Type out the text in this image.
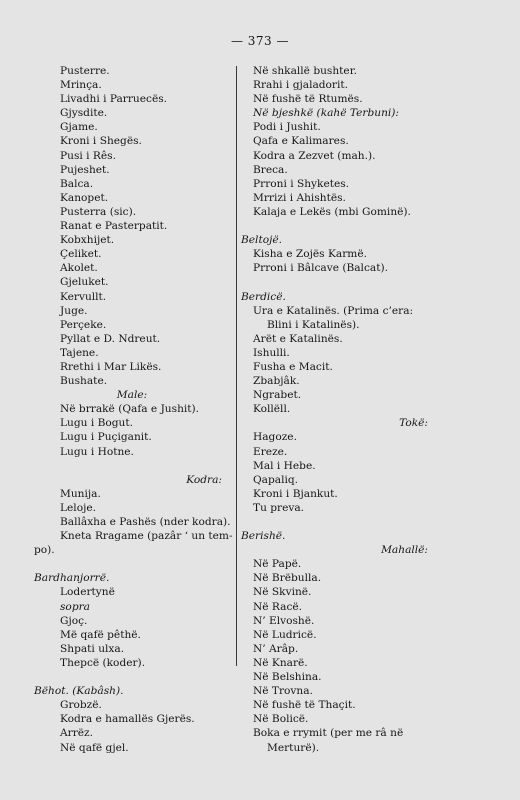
— 373 —
Pusterre.
Mrinça.
Livadhi i Parruecës.
Gjysdite.
Gjame.
Kroni i Shegës.
Pusi i Rês.
Pujeshet.
Balca.
Kanopet.
Pusterra (sic).
Ranat e Pasterpatit.
Kobxhijet.
Çeliket.
Akolet.
Gjeluket.
Kervullt.
Juge.
Perçeke.
Pyllat e D. Ndreut.
Tajene.
Rrethi i Mar Likës.
Bushate.
Male:
Në brrakë (Qafa e Jushit).
Lugu i Bogut.
Lugu i Puçiganit.
Lugu i Hotne.
Kodra:
Munija.
Leloje.
Ballâxha e Pashës (nder kodra).
Kneta Rragame (pazâr ‘ un tem-
po).
Bardhanjorrë.
Lodertynë
sopra
Gjoç.
Më qafë pêthë.
Shpati ulxa.
Thepcë (koder).
Bëhot. (Kabâsh).
Grobzë.
Kodra e hamallës Gjerës.
Arrëz.
Në qafë gjel.
Në shkallë bushter.
Rrahi i gjaladorit.
Në fushë të Rtumës.
Në bjeshkë (kahë Terbuni):
Podi i Jushit.
Qafa e Kalimares.
Kodra a Zezvet (mah.).
Breca.
Prroni i Shyketes.
Mrrizi i Ahishtës.
Kalaja e Lekës (mbi Gominë).
Beltojë.
Kisha e Zojës Karmë.
Prroni i Bâlcave (Balcat).
Berdicë.
Ura e Katalinës. (Prima c’era:
Blini i Katalinës).
Arët e Katalinës.
Ishulli.
Fusha e Macit.
Zbabjâk.
Ngrabet.
Kollëll.
Tokë:
Hagoze.
Ereze.
Mal i Hebe.
Qapaliq.
Kroni i Bjankut.
Tu preva.
Berishë.
Mahallë:
Në Papë.
Në Brëbulla.
Në Skvinë.
Në Racë.
N’ Elvoshë.
Në Ludricë.
N’ Arâp.
Në Knarë.
Në Belshina.
Në Trovna.
Në fushë të Thaçit.
Në Bolicë.
Boka e rrymit (per me râ në
Merturë).
